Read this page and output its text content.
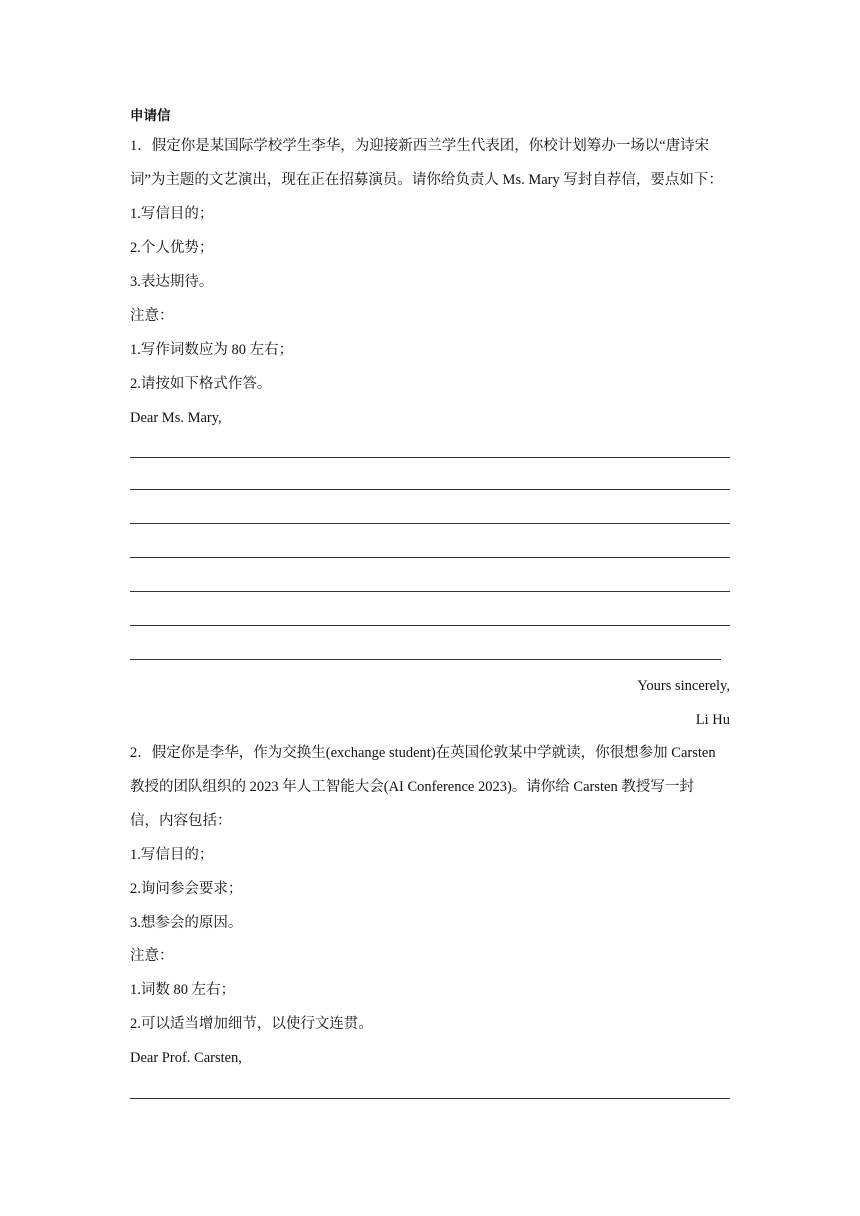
申请信
1．假定你是某国际学校学生李华，为迎接新西兰学生代表团，你校计划筹办一场以“唐诗宋
词”为主题的文艺演出，现在正在招募演员。请你给负责人 Ms. Mary 写封自荐信，要点如下：
1.写信目的；
2.个人优势；
3.表达期待。
注意：
1.写作词数应为 80 左右；
2.请按如下格式作答。
Dear Ms. Mary,
Yours sincerely,
Li Hu
2．假定你是李华，作为交换生(exchange student)在英国伦敦某中学就读，你很想参加 Carsten
教授的团队组织的 2023 年人工智能大会(AI Conference 2023)。请你给 Carsten 教授写一封
信，内容包括：
1.写信目的；
2.询问参会要求；
3.想参会的原因。
注意：
1.词数 80 左右；
2.可以适当增加细节，以使行文连贯。
Dear Prof. Carsten,
